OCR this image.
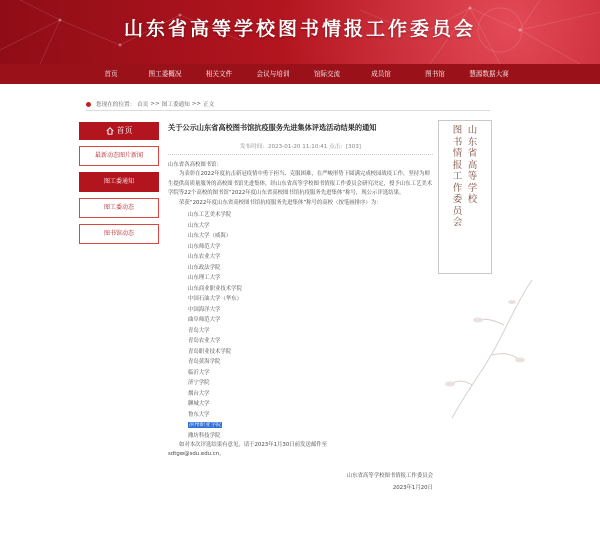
山东省高等学校图书情报工作委员会
首页	图工委概况	相关文件	会议与培训	馆际交流	成员馆	图书馆	慧源数据大赛
您现在的位置： 首页 >> 图工委通知 >> 正文
首页
最新动态图片新闻
图工委通知
图工委动态
图书馆动态
关于公示山东省高校图书馆抗疫服务先进集体评选活动结果的通知
发布时间：2023-01-20 11:10:41 点击：[303]

山东省各高校图书馆：

为表彰在2022年度抗击新冠疫情中勇于担当、克服困难，在严峻形势下圆满完成校园战疫工作，坚持为师生提供高质量服务的高校图书馆先进集体，经山东省高等学校图书情报工作委员会研究决定，授予山东工艺美术学院等22个高校的图书馆“2022年度山东省高校图书馆抗疫服务先进集体”称号，现公示评选结果。

荣获“2022年度山东省高校图书馆抗疫服务先进集体”称号的高校（按笔画排序）为：

山东工艺美术学院
山东大学
山东大学（威海）
山东师范大学
山东农业大学
山东政法学院
山东理工大学
山东商业职业技术学院
中国石油大学（华东）
中国海洋大学
曲阜师范大学
青岛大学
青岛农业大学
青岛职业技术学院
青岛黄海学院
临沂大学
济宁学院
烟台大学
聊城大学
鲁东大学
滨州职业学院
潍坊科技学院

如对本次评选结果有意见，请于2023年1月30日前发送邮件至

sdtgw@sdu.edu.cn。

山东省高等学校图书情报工作委员会
2023年1月20日
山
东
省
高
等
学
校
图
书
情
报
工
作
委
员
会
